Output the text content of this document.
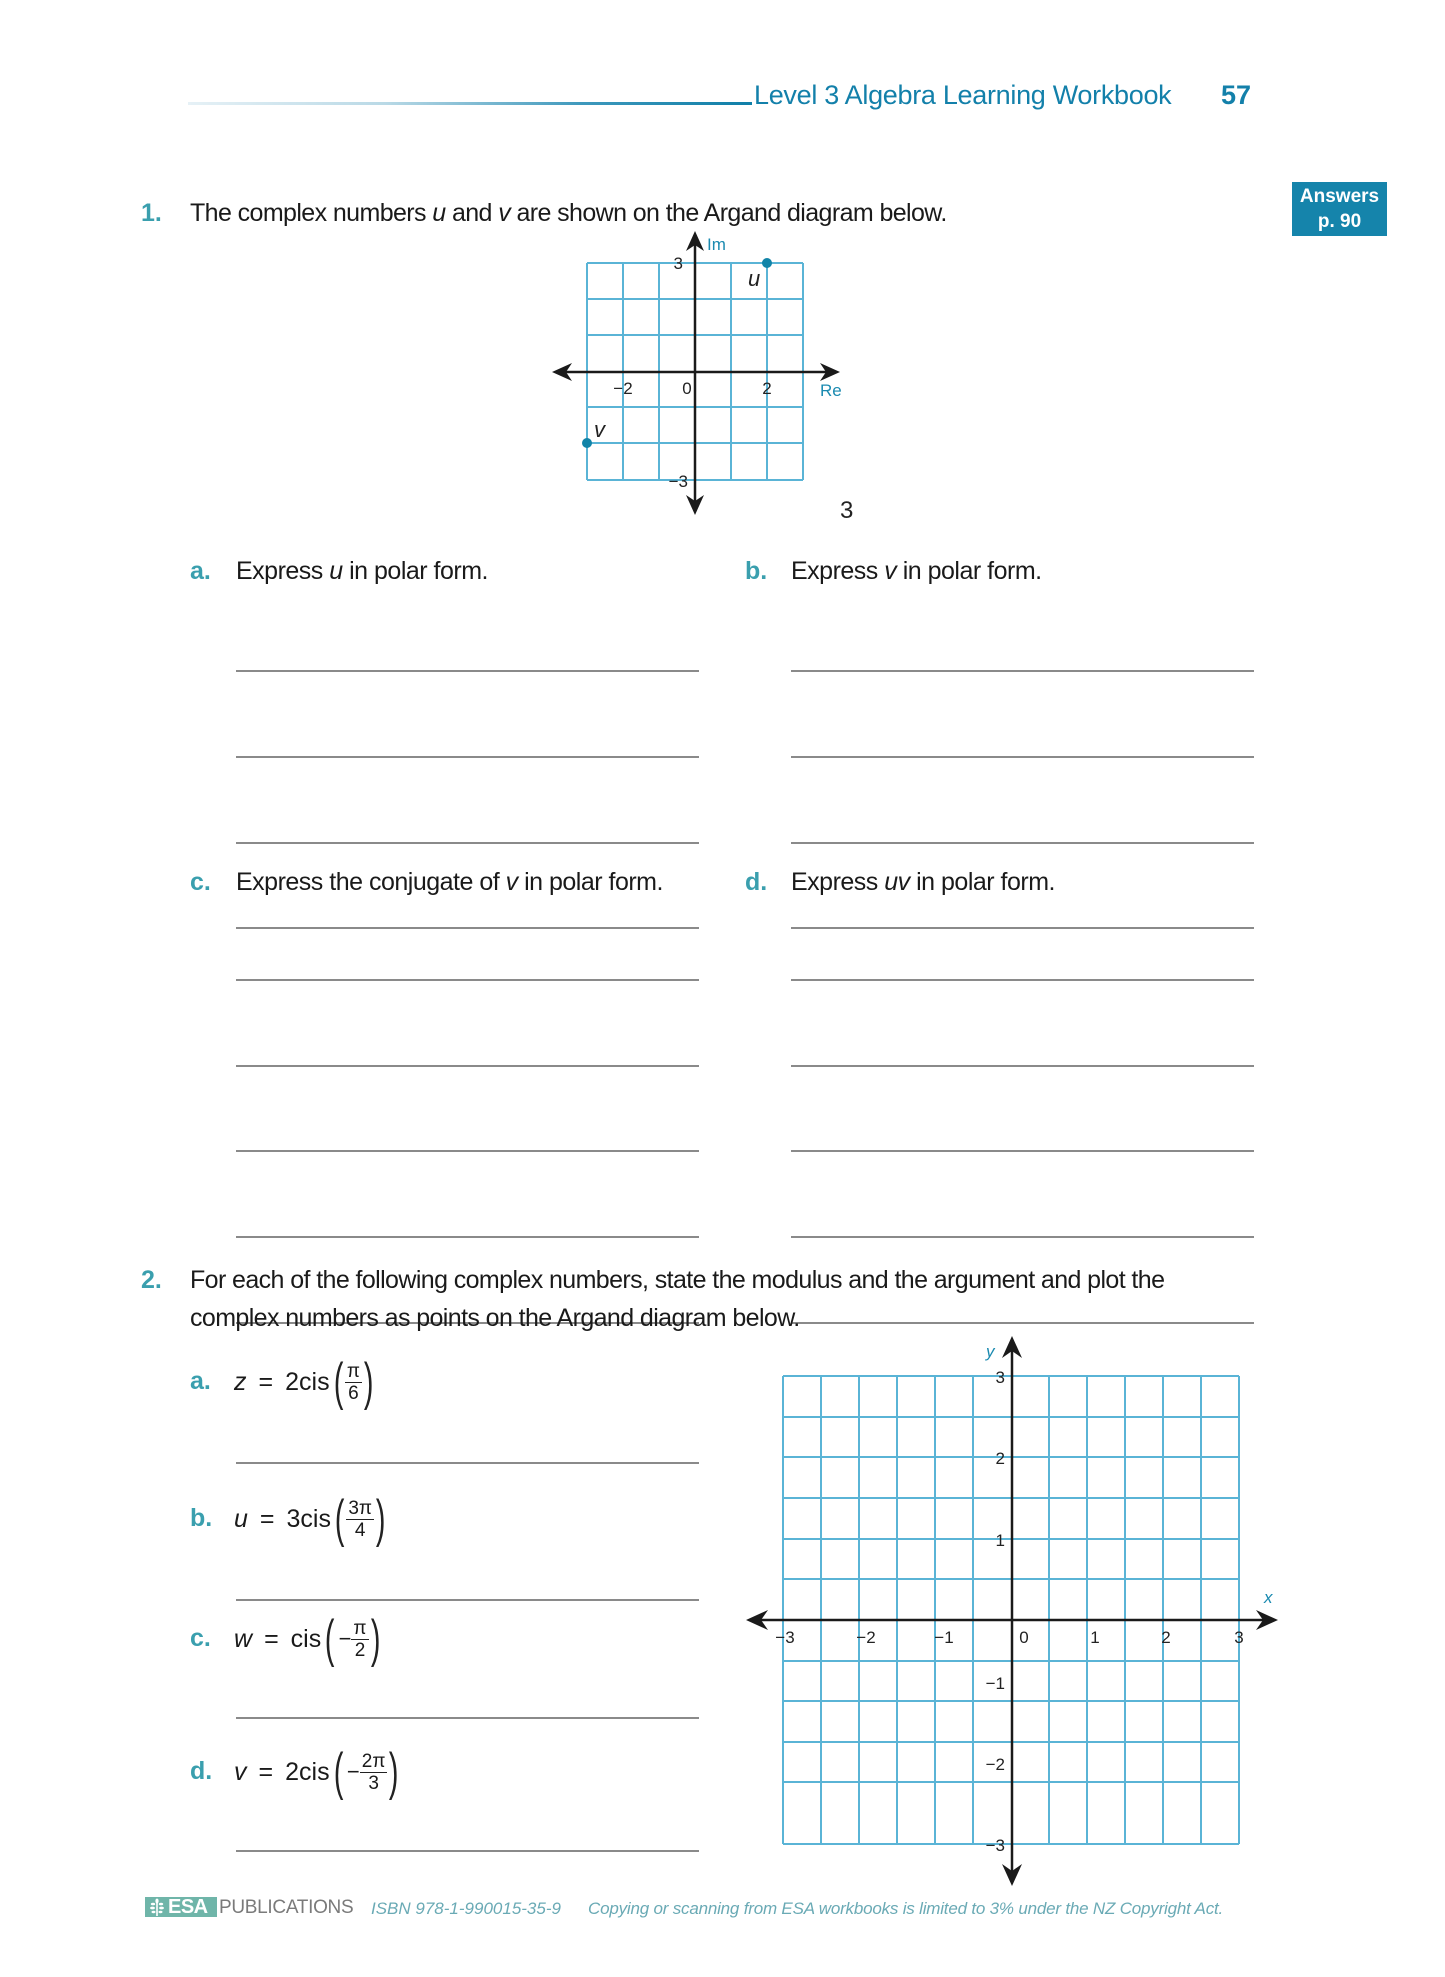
Level 3 Algebra Learning Workbook 57
Answers
p. 90
1. The complex numbers u and v are shown on the Argand diagram below.
Im
Re
3
−3
−2	0	2
u
v
3
a. Express u in polar form.	b. Express v in polar form.
c. Express the conjugate of v in polar form.	d. Express uv in polar form.
2. For each of the following complex numbers, state the modulus and the argument and plot the
complex numbers as points on the Argand diagram below.
a. z = 2cis ( $\frac{\pi}{6}$ )
b. u = 3cis ( $\frac{3\pi}{4}$ )
c. w = cis ( − $\frac{\pi}{2}$ )
d. v = 2cis ( − $\frac{2\pi}{3}$ )
y
x
−3	−2	−1	0	1	2	3
3
2
1
−1
−2
−3
ESA PUBLICATIONS ISBN 978-1-990015-35-9 Copying or scanning from ESA workbooks is limited to 3% under the NZ Copyright Act.
